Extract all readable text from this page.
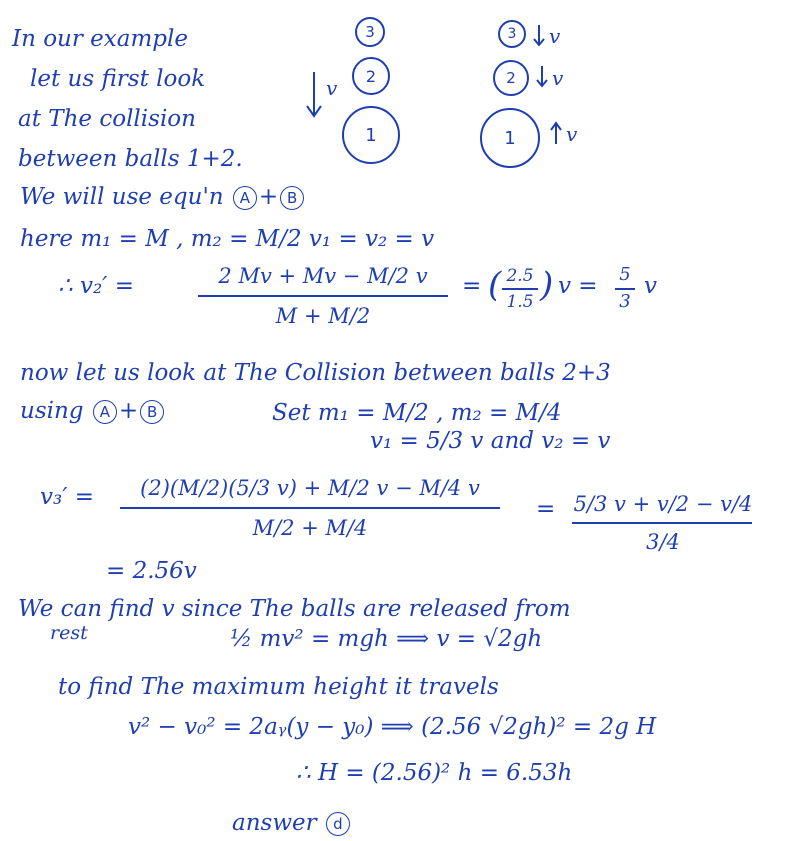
In our example
let us first look
at The collision
between balls 1+2.
3
2
1
v
3
2
1
v
v
v
We will use equ'n A + B
here m₁ = M , m₂ = M/2 v₁ = v₂ = v
∴ v₂′ =	2 Mv + Mv − M/2 v
M + M/2
= ( 2.5
1.5 ) v = 5
3
v
now let us look at The Collision between balls 2+3
using A + B	Set m₁ = M/2 , m₂ = M/4
v₁ = 5/3 v and v₂ = v
v₃′ =	(2)(M/2)(5/3 v) + M/2 v − M/4 v
M/2 + M/4
= 5/3 v + v/2 − v/4
3/4
= 2.56v
We can find v since The balls are released from
rest	½ mv² = mgh ⟹ v = √2gh
to find The maximum height it travels
v² − v₀² = 2aᵧ(y − y₀) ⟹ (2.56 √2gh)² = 2g H
∴ H = (2.56)² h = 6.53h
answer d
